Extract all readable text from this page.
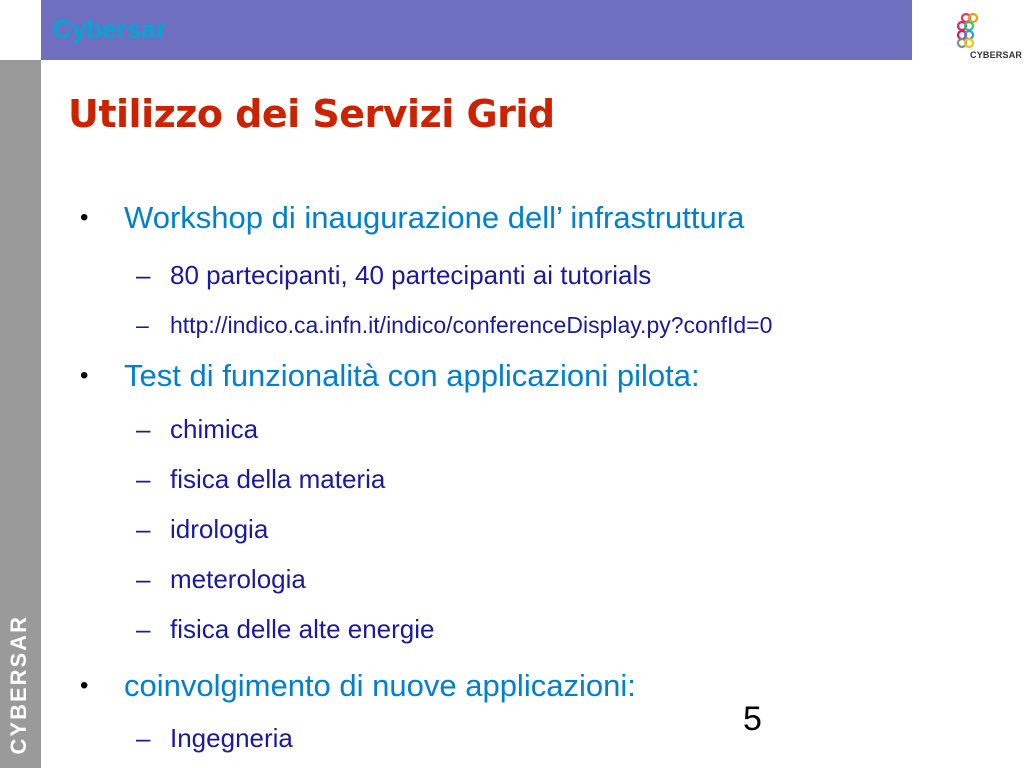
CYBERSAR
Cybersar
CYBERSAR
Utilizzo dei Servizi Grid
• Workshop di inaugurazione dell’ infrastruttura
– 80 partecipanti, 40 partecipanti ai tutorials
– http://indico.ca.infn.it/indico/conferenceDisplay.py?confId=0
• Test di funzionalità con applicazioni pilota:
– chimica
– fisica della materia
– idrologia
– meterologia
– fisica delle alte energie
• coinvolgimento di nuove applicazioni:
– Ingegneria	5
